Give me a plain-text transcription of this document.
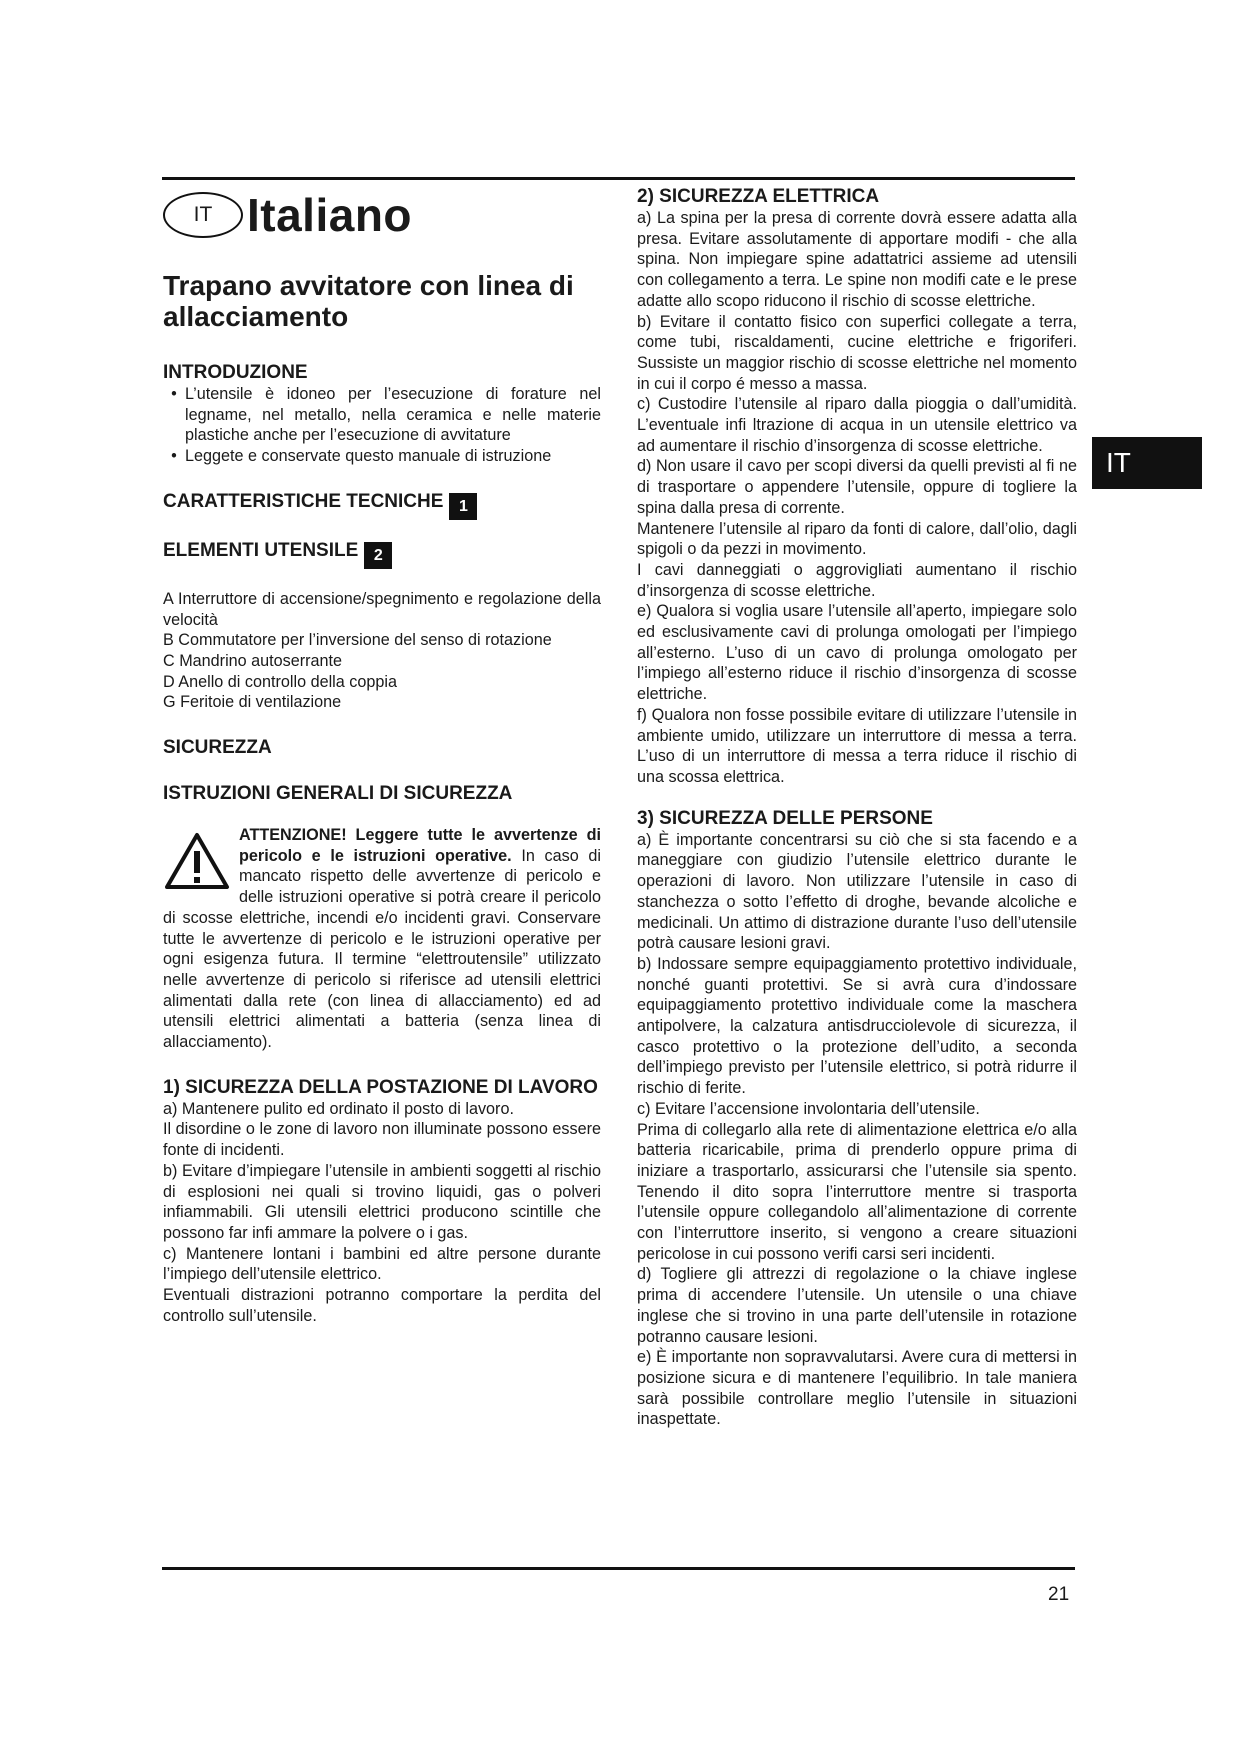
IT Italiano
Trapano avvitatore con linea di allacciamento
INTRODUZIONE
• L’utensile è idoneo per l’esecuzione di forature nel legname, nel metallo, nella ceramica e nelle materie plastiche anche per l’esecuzione di avvitature
• Leggete e conservate questo manuale di istruzione
CARATTERISTICHE TECNICHE 1
ELEMENTI UTENSILE 2

A Interruttore di accensione/spegnimento e regolazione della velocità

B Commutatore per l’inversione del senso di rotazione

C Mandrino autoserrante

D Anello di controllo della coppia

G Feritoie di ventilazione

SICUREZZA
ISTRUZIONI GENERALI DI SICUREZZA

ATTENZIONE! Leggere tutte le avvertenze di pericolo e le istruzioni operative. In caso di mancato rispetto delle avvertenze di pericolo e delle istruzioni operative si potrà creare il pericolo di scosse elettriche, incendi e/o incidenti gravi. Conservare tutte le avvertenze di pericolo e le istruzioni operative per ogni esigenza futura. Il termine “elettroutensile” utilizzato nelle avvertenze di pericolo si riferisce ad utensili elettrici alimentati dalla rete (con linea di allacciamento) ed ad utensili elettrici alimentati a batteria (senza linea di allacciamento).

1) SICUREZZA DELLA POSTAZIONE DI LAVORO

a) Mantenere pulito ed ordinato il posto di lavoro.

Il disordine o le zone di lavoro non illuminate possono essere fonte di incidenti.

b) Evitare d’impiegare l’utensile in ambienti soggetti al rischio di esplosioni nei quali si trovino liquidi, gas o polveri infiammabili. Gli utensili elettrici producono scintille che possono far infi ammare la polvere o i gas.

c) Mantenere lontani i bambini ed altre persone durante l’impiego dell’utensile elettrico.

Eventuali distrazioni potranno comportare la perdita del controllo sull’utensile.

2) SICUREZZA ELETTRICA

a) La spina per la presa di corrente dovrà essere adatta alla presa. Evitare assolutamente di apportare modifi - che alla spina. Non impiegare spine adattatrici assieme ad utensili con collegamento a terra. Le spine non modifi cate e le prese adatte allo scopo riducono il rischio di scosse elettriche.

b) Evitare il contatto fisico con superfici collegate a terra, come tubi, riscaldamenti, cucine elettriche e frigoriferi. Sussiste un maggior rischio di scosse elettriche nel momento in cui il corpo é messo a massa.

c) Custodire l’utensile al riparo dalla pioggia o dall’umidità. L’eventuale infi ltrazione di acqua in un utensile elettrico va ad aumentare il rischio d’insorgenza di scosse elettriche.

d) Non usare il cavo per scopi diversi da quelli previsti al fi ne di trasportare o appendere l’utensile, oppure di togliere la spina dalla presa di corrente.

Mantenere l’utensile al riparo da fonti di calore, dall’olio, dagli spigoli o da pezzi in movimento.

I cavi danneggiati o aggrovigliati aumentano il rischio d’insorgenza di scosse elettriche.

e) Qualora si voglia usare l’utensile all’aperto, impiegare solo ed esclusivamente cavi di prolunga omologati per l’impiego all’esterno. L’uso di un cavo di prolunga omologato per l’impiego all’esterno riduce il rischio d’insorgenza di scosse elettriche.

f) Qualora non fosse possibile evitare di utilizzare l’utensile in ambiente umido, utilizzare un interruttore di messa a terra. L’uso di un interruttore di messa a terra riduce il rischio di una scossa elettrica.

3) SICUREZZA DELLE PERSONE

a) È importante concentrarsi su ciò che si sta facendo e a maneggiare con giudizio l’utensile elettrico durante le operazioni di lavoro. Non utilizzare l’utensile in caso di stanchezza o sotto l’effetto di droghe, bevande alcoliche e medicinali. Un attimo di distrazione durante l’uso dell’utensile potrà causare lesioni gravi.

b) Indossare sempre equipaggiamento protettivo individuale, nonché guanti protettivi. Se si avrà cura d’indossare equipaggiamento protettivo individuale come la maschera antipolvere, la calzatura antisdrucciolevole di sicurezza, il casco protettivo o la protezione dell’udito, a seconda dell’impiego previsto per l’utensile elettrico, si potrà ridurre il rischio di ferite.

c) Evitare l’accensione involontaria dell’utensile.

Prima di collegarlo alla rete di alimentazione elettrica e/o alla batteria ricaricabile, prima di prenderlo oppure prima di iniziare a trasportarlo, assicurarsi che l’utensile sia spento. Tenendo il dito sopra l’interruttore mentre si trasporta l’utensile oppure collegandolo all’alimentazione di corrente con l’interruttore inserito, si vengono a creare situazioni pericolose in cui possono verifi carsi seri incidenti.

d) Togliere gli attrezzi di regolazione o la chiave inglese prima di accendere l’utensile. Un utensile o una chiave inglese che si trovino in una parte dell’utensile in rotazione potranno causare lesioni.

e) È importante non sopravvalutarsi. Avere cura di mettersi in posizione sicura e di mantenere l’equilibrio. In tale maniera sarà possibile controllare meglio l’utensile in situazioni inaspettate.

IT
21
